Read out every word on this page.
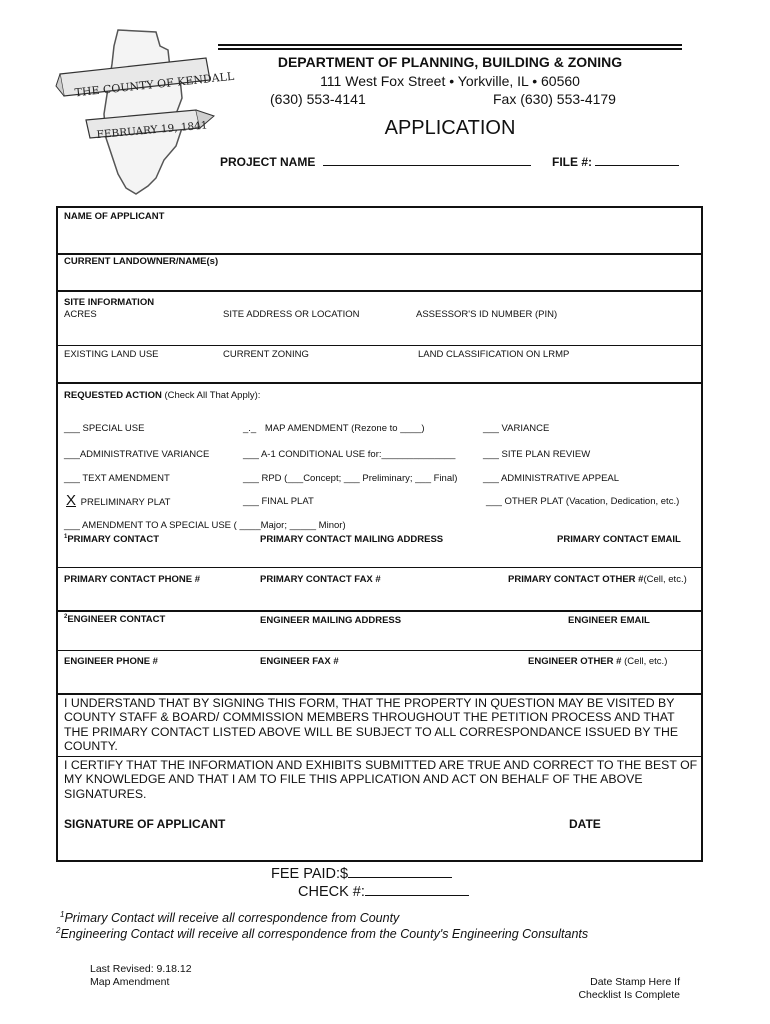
THE COUNTY OF KENDALL
FEBRUARY 19, 1841
DEPARTMENT OF PLANNING, BUILDING & ZONING
111 West Fox Street • Yorkville, IL • 60560
(630) 553-4141	Fax (630) 553-4179
APPLICATION
PROJECT NAME	FILE #:
NAME OF APPLICANT
CURRENT LANDOWNER/NAME(s)
SITE INFORMATION
ACRES	SITE ADDRESS OR LOCATION	ASSESSOR'S ID NUMBER (PIN)
EXISTING LAND USE	CURRENT ZONING	LAND CLASSIFICATION ON LRMP
REQUESTED ACTION (Check All That Apply):
___ SPECIAL USE	_._ MAP AMENDMENT (Rezone to ____)	___ VARIANCE
___ADMINISTRATIVE VARIANCE	___ A-1 CONDITIONAL USE for:______________	___ SITE PLAN REVIEW
___ TEXT AMENDMENT	___ RPD (___Concept; ___ Preliminary; ___ Final)	___ ADMINISTRATIVE APPEAL
X PRELIMINARY PLAT	___ FINAL PLAT	___ OTHER PLAT (Vacation, Dedication, etc.)
___ AMENDMENT TO A SPECIAL USE ( ____Major; _____ Minor)
$^1$PRIMARY CONTACT	PRIMARY CONTACT MAILING ADDRESS	PRIMARY CONTACT EMAIL
PRIMARY CONTACT PHONE #	PRIMARY CONTACT FAX #	PRIMARY CONTACT OTHER #(Cell, etc.)
$^2$ENGINEER CONTACT	ENGINEER MAILING ADDRESS	ENGINEER EMAIL
ENGINEER PHONE #	ENGINEER FAX #	ENGINEER OTHER # (Cell, etc.)
I UNDERSTAND THAT BY SIGNING THIS FORM, THAT THE PROPERTY IN QUESTION MAY BE VISITED BY COUNTY STAFF & BOARD/ COMMISSION MEMBERS THROUGHOUT THE PETITION PROCESS AND THAT THE PRIMARY CONTACT LISTED ABOVE WILL BE SUBJECT TO ALL CORRESPONDANCE ISSUED BY THE COUNTY.
I CERTIFY THAT THE INFORMATION AND EXHIBITS SUBMITTED ARE TRUE AND CORRECT TO THE BEST OF MY KNOWLEDGE AND THAT I AM TO FILE THIS APPLICATION AND ACT ON BEHALF OF THE ABOVE SIGNATURES.
SIGNATURE OF APPLICANT	DATE
FEE PAID:$
CHECK #:
$^1$Primary Contact will receive all correspondence from County
$^2$Engineering Contact will receive all correspondence from the County's Engineering Consultants
Last Revised: 9.18.12
Map Amendment	Date Stamp Here If
Checklist Is Complete
